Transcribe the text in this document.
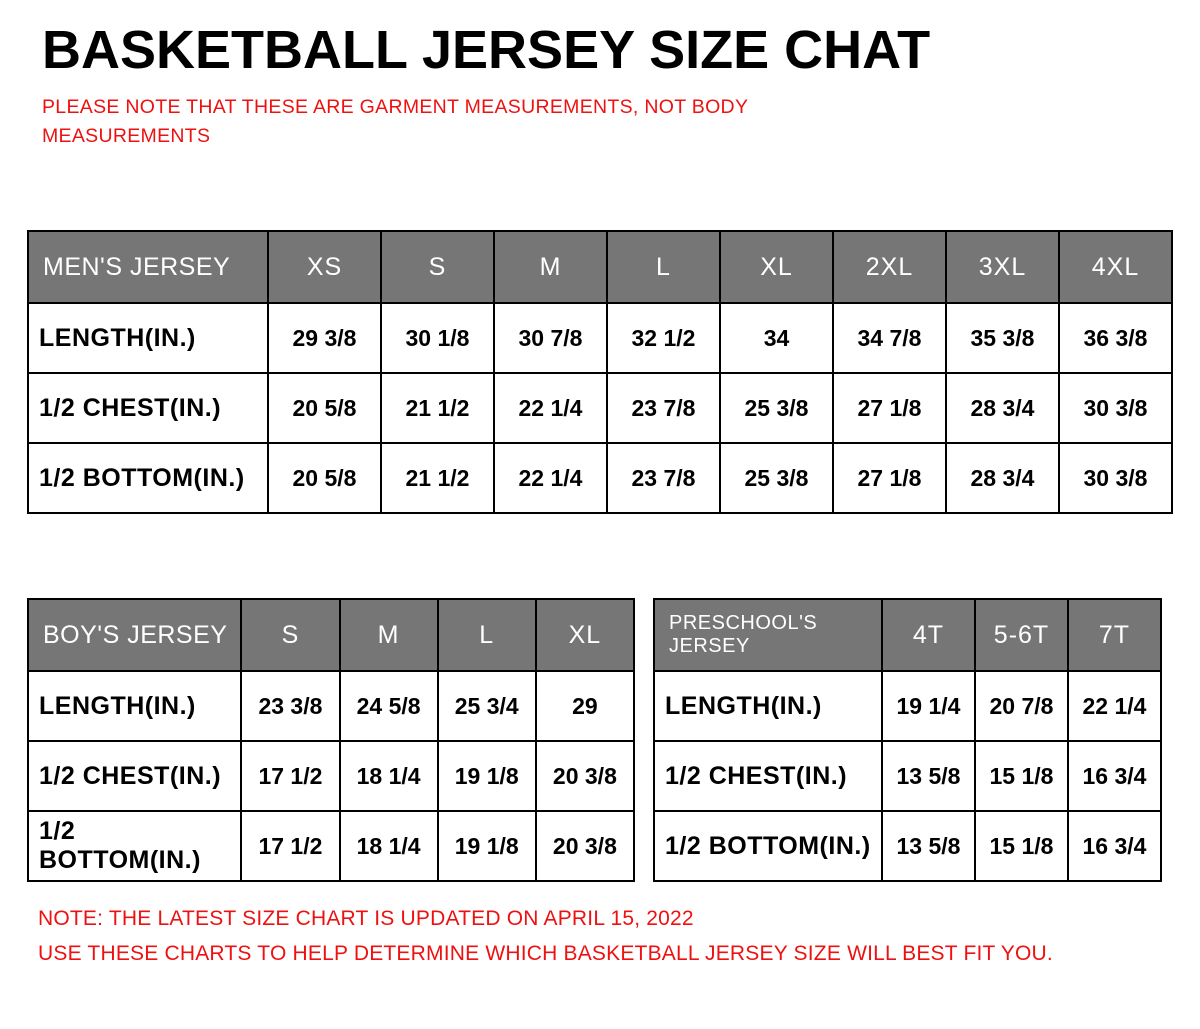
BASKETBALL JERSEY SIZE CHAT

PLEASE NOTE THAT THESE ARE GARMENT MEASUREMENTS, NOT BODY MEASUREMENTS

MEN'S JERSEY	XS	S	M	L	XL	2XL	3XL	4XL
LENGTH(IN.)	29 3/8	30 1/8	30 7/8	32 1/2	34	34 7/8	35 3/8	36 3/8
1/2 CHEST(IN.)	20 5/8	21 1/2	22 1/4	23 7/8	25 3/8	27 1/8	28 3/4	30 3/8
1/2 BOTTOM(IN.)	20 5/8	21 1/2	22 1/4	23 7/8	25 3/8	27 1/8	28 3/4	30 3/8
BOY'S JERSEY	S	M	L	XL
LENGTH(IN.)	23 3/8	24 5/8	25 3/4	29
1/2 CHEST(IN.)	17 1/2	18 1/4	19 1/8	20 3/8
1/2 BOTTOM(IN.)	17 1/2	18 1/4	19 1/8	20 3/8
PRESCHOOL'S JERSEY	4T	5-6T	7T
LENGTH(IN.)	19 1/4	20 7/8	22 1/4
1/2 CHEST(IN.)	13 5/8	15 1/8	16 3/4
1/2 BOTTOM(IN.)	13 5/8	15 1/8	16 3/4
NOTE: THE LATEST SIZE CHART IS UPDATED ON APRIL 15, 2022
USE THESE CHARTS TO HELP DETERMINE WHICH BASKETBALL JERSEY SIZE WILL BEST FIT YOU.
